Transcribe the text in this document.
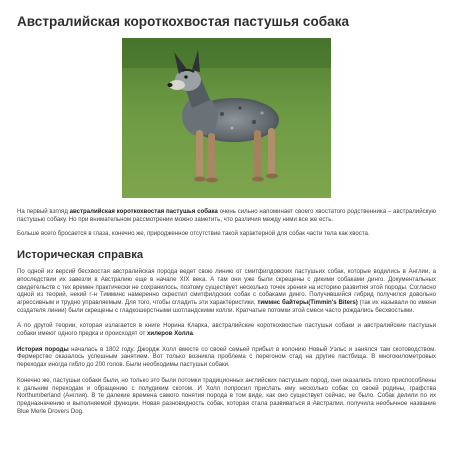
Австралийская короткохвостая пастушья собака

На первый взгляд австралийская короткохвостая пастушья собака очень сильно напоминает своего хвостатого родственника – австралийскую пастушью собаку. Но при внимательном рассмотрении можно заметить, что различия между ними все же есть.

Больше всего бросается в глаза, конечно же, природженное отсутствие такой характерной для собак части тела как хвоста.

Историческая справка

По одной из версий бесхвостая австралийская порода ведет свою линию от смитфилдовских пастушьих собак, которые водились в Англии, а впоследствии их завезли в Австралию еще в начале XIX века. А там они уже были скрещены с дикими собаками динго. Документальных свидетельств с тех времен практически не сохранилось, поэтому существует несколько точек зрения на историю развития этой породы. Согласно одной из теорий, некий г-н Тимминс намеренно скрестил смитфилдских собак с собаками динго. Получившийся гибрид получился довольно агрессивным и трудно управляемым. Для того, чтобы сгладить эти характеристики, тиммнс байтеры(Timmin's Biters) (так их называли по имени создателя линии) были скрещены с гладкошерстными шотландскими колли. Кратчатые потомки этой смеси часто рождались бесхвостыми.

А по другой теории, которая излагается в книге Норина Кларка, австралийские короткохвостые пастушьи собаки и австралийские пастушьи собаки имеют одного предка и происходят от хилеров Холла.

История породы началась в 1802 году. Джордж Холл вместе со своей семьей прибыл в колонию Новый Уэльс и занялся там скотоводством. Фермерство оказалось успешным занятием. Вот только возникла проблема с перегоном стад на другие пастбища. В многокилометровых переходах иногда гибло до 200 голов. Были необходимы пастушьи собаки.

Конечно же, пастушьи собаки были, но только это были потомки традиционных английских пастушьих пород, они оказались плохо приспособлены к дальним переходам и обращению с полудиким скотом. И Холл попросил прислать ему несколько собак со своей родины, графства Northumberland (Англия). В те далекие времена самого понятия порода в том виде, как оно существует сейчас, не было. Собак делили по их предназначению и выполняемой функции. Новая разновидность собак, которая стала развиваться в Австралии, получила необычное название Blue Merle Drovers Dog.
